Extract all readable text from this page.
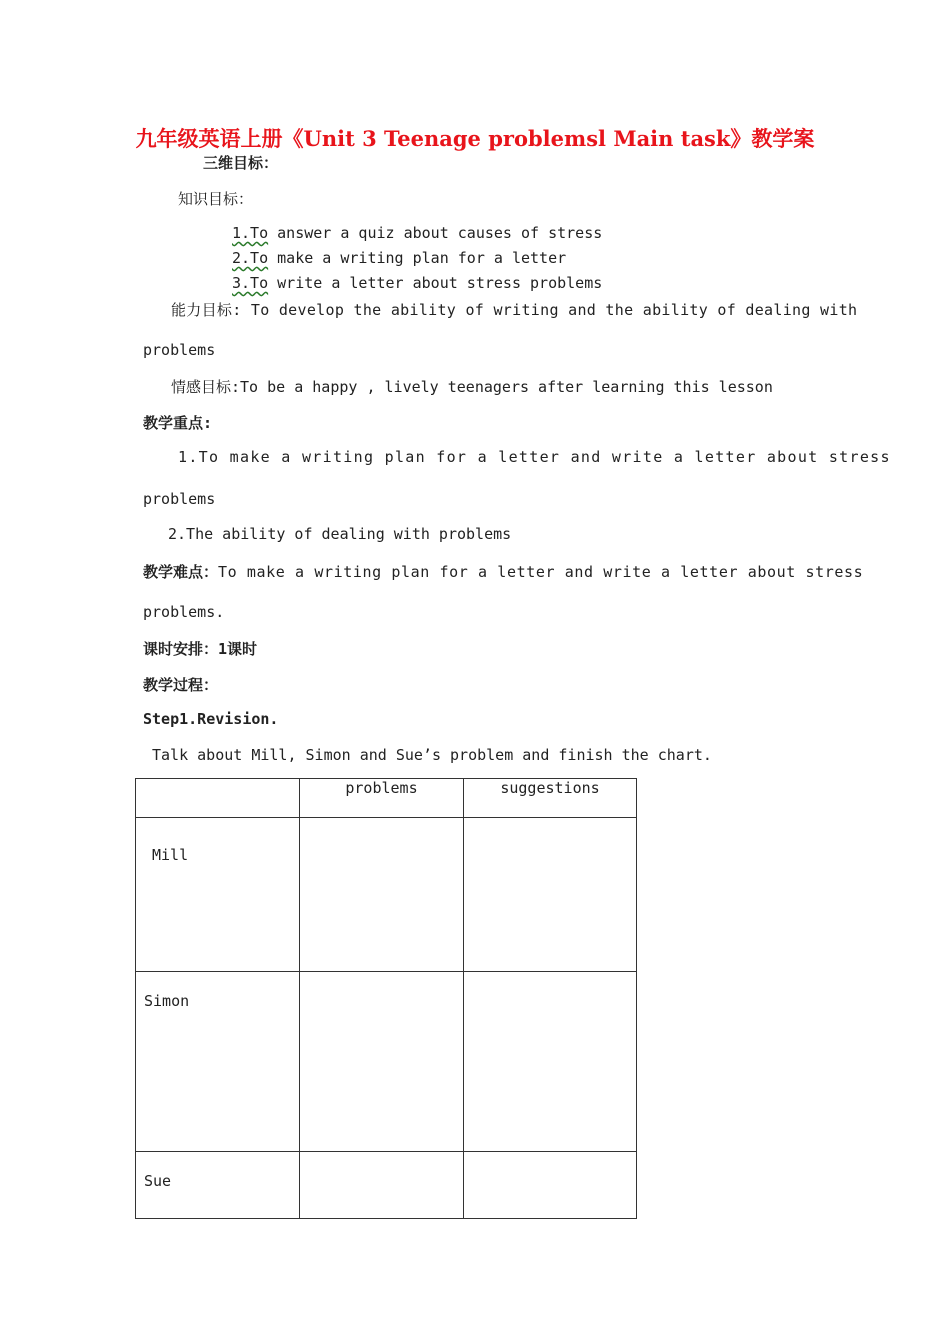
九年级英语上册《Unit 3 Teenage problemsl Main task》教学案
三维目标：
知识目标：
1.To answer a quiz about causes of stress
2.To make a writing plan for a letter
3.To write a letter about stress problems
能力目标: To develop the ability of writing and the ability of dealing with
problems
情感目标:To be a happy , lively teenagers after learning this lesson
教学重点:
1.To make a writing plan for a letter and write a letter about stress
problems
2.The ability of dealing with problems
教学难点：To make a writing plan for a letter and write a letter about stress
problems.
课时安排：1课时
教学过程：
Step1.Revision.
Talk about Mill, Simon and Sue’s problem and finish the chart.
	problems	suggestions

Mill		

Simon		

Sue		
